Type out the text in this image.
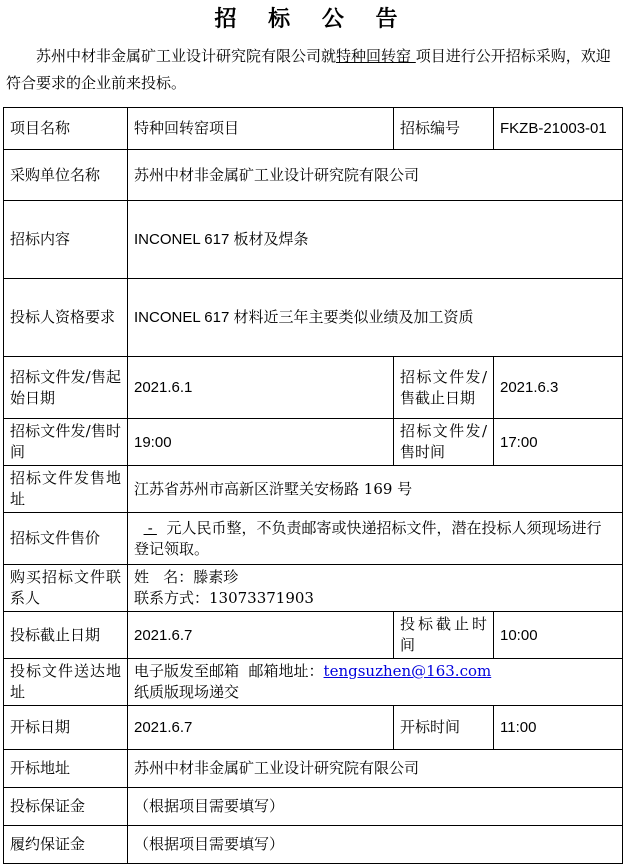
招 标 公 告
苏州中材非金属矿工业设计研究院有限公司就特种回转窑 项目进行公开招标采购，欢迎符合要求的企业前来投标。
项目名称	特种回转窑项目	招标编号	FKZB-21003-01
采购单位名称	苏州中材非金属矿工业设计研究院有限公司		
招标内容	INCONEL 617 板材及焊条		
投标人资格要求	INCONEL 617 材料近三年主要类似业绩及加工资质		
招标文件发/售起始日期	2021.6.1	招标文件发/售截止日期	2021.6.3
招标文件发/售时间	19:00	招标文件发/售时间	17:00
招标文件发售地址	江苏省苏州市高新区浒墅关安杨路 169 号		
招标文件售价	-   元人民币整，不负责邮寄或快递招标文件，潜在投标人须现场进行登记领取。		
购买招标文件联系人	姓   名：滕素珍
联系方式：13073371903		

投标截止日期	2021.6.7	投标截止时间	10:00
投标文件送达地址	电子版发至邮箱  邮箱地址：tengsuzhen@163.com
纸质版现场递交		

开标日期	2021.6.7	开标时间	11:00
开标地址	苏州中材非金属矿工业设计研究院有限公司		
投标保证金	（根据项目需要填写）		
履约保证金	（根据项目需要填写）		
